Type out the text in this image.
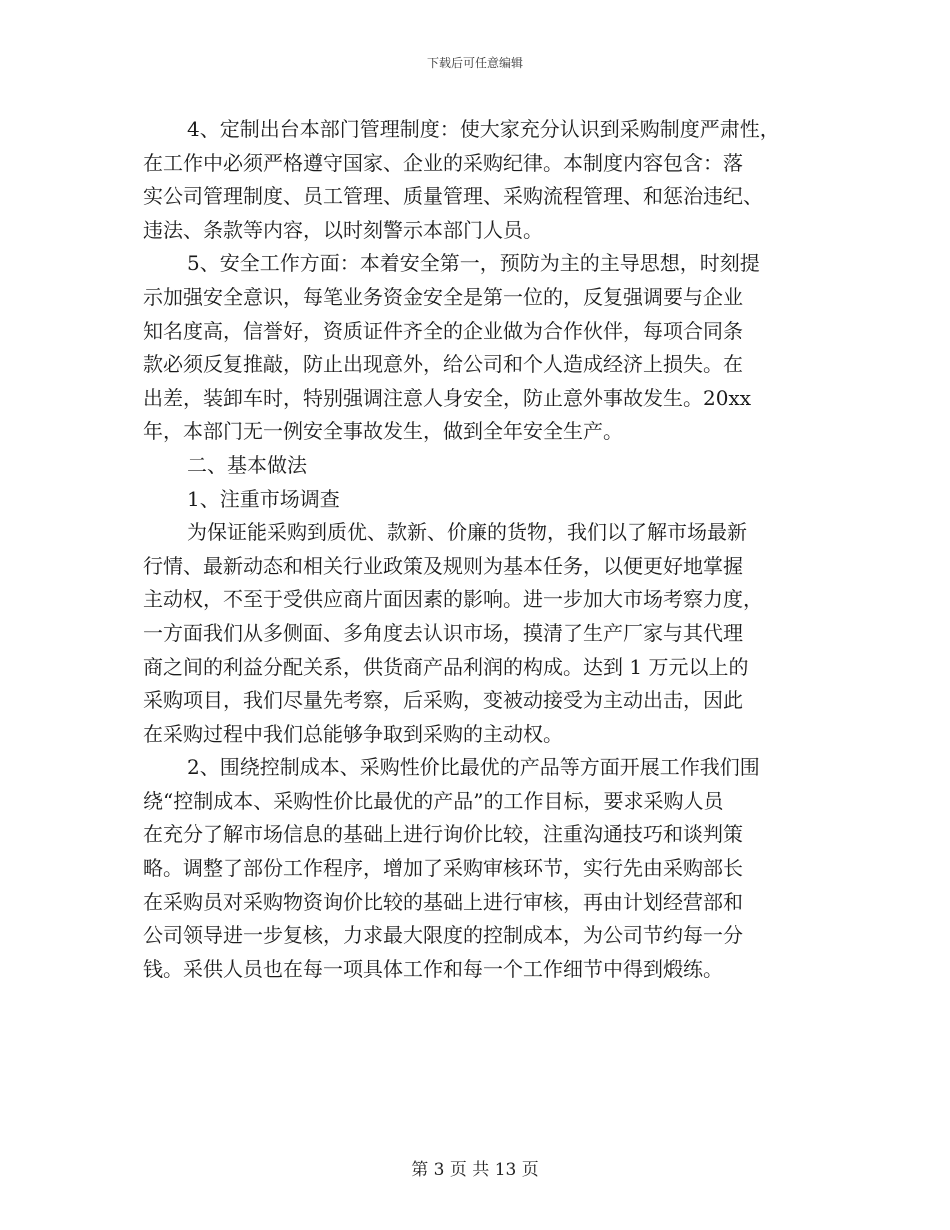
下载后可任意编辑
4、定制出台本部门管理制度：使大家充分认识到采购制度严肃性，
在工作中必须严格遵守国家、企业的采购纪律。本制度内容包含：落
实公司管理制度、员工管理、质量管理、采购流程管理、和惩治违纪、
违法、条款等内容，以时刻警示本部门人员。
5、安全工作方面：本着安全第一，预防为主的主导思想，时刻提
示加强安全意识，每笔业务资金安全是第一位的，反复强调要与企业
知名度高，信誉好，资质证件齐全的企业做为合作伙伴，每项合同条
款必须反复推敲，防止出现意外，给公司和个人造成经济上损失。在
出差，装卸车时，特别强调注意人身安全，防止意外事故发生。20xx
年，本部门无一例安全事故发生，做到全年安全生产。
二、基本做法
1、注重市场调查
为保证能采购到质优、款新、价廉的货物，我们以了解市场最新
行情、最新动态和相关行业政策及规则为基本任务，以便更好地掌握
主动权，不至于受供应商片面因素的影响。进一步加大市场考察力度，
一方面我们从多侧面、多角度去认识市场，摸清了生产厂家与其代理
商之间的利益分配关系，供货商产品利润的构成。达到 1 万元以上的
采购项目，我们尽量先考察，后采购，变被动接受为主动出击，因此
在采购过程中我们总能够争取到采购的主动权。
2、围绕控制成本、采购性价比最优的产品等方面开展工作我们围
绕“控制成本、采购性价比最优的产品”的工作目标，要求采购人员
在充分了解市场信息的基础上进行询价比较，注重沟通技巧和谈判策
略。调整了部份工作程序，增加了采购审核环节，实行先由采购部长
在采购员对采购物资询价比较的基础上进行审核，再由计划经营部和
公司领导进一步复核，力求最大限度的控制成本，为公司节约每一分
钱。采供人员也在每一项具体工作和每一个工作细节中得到煅练。
第 3 页 共 13 页
